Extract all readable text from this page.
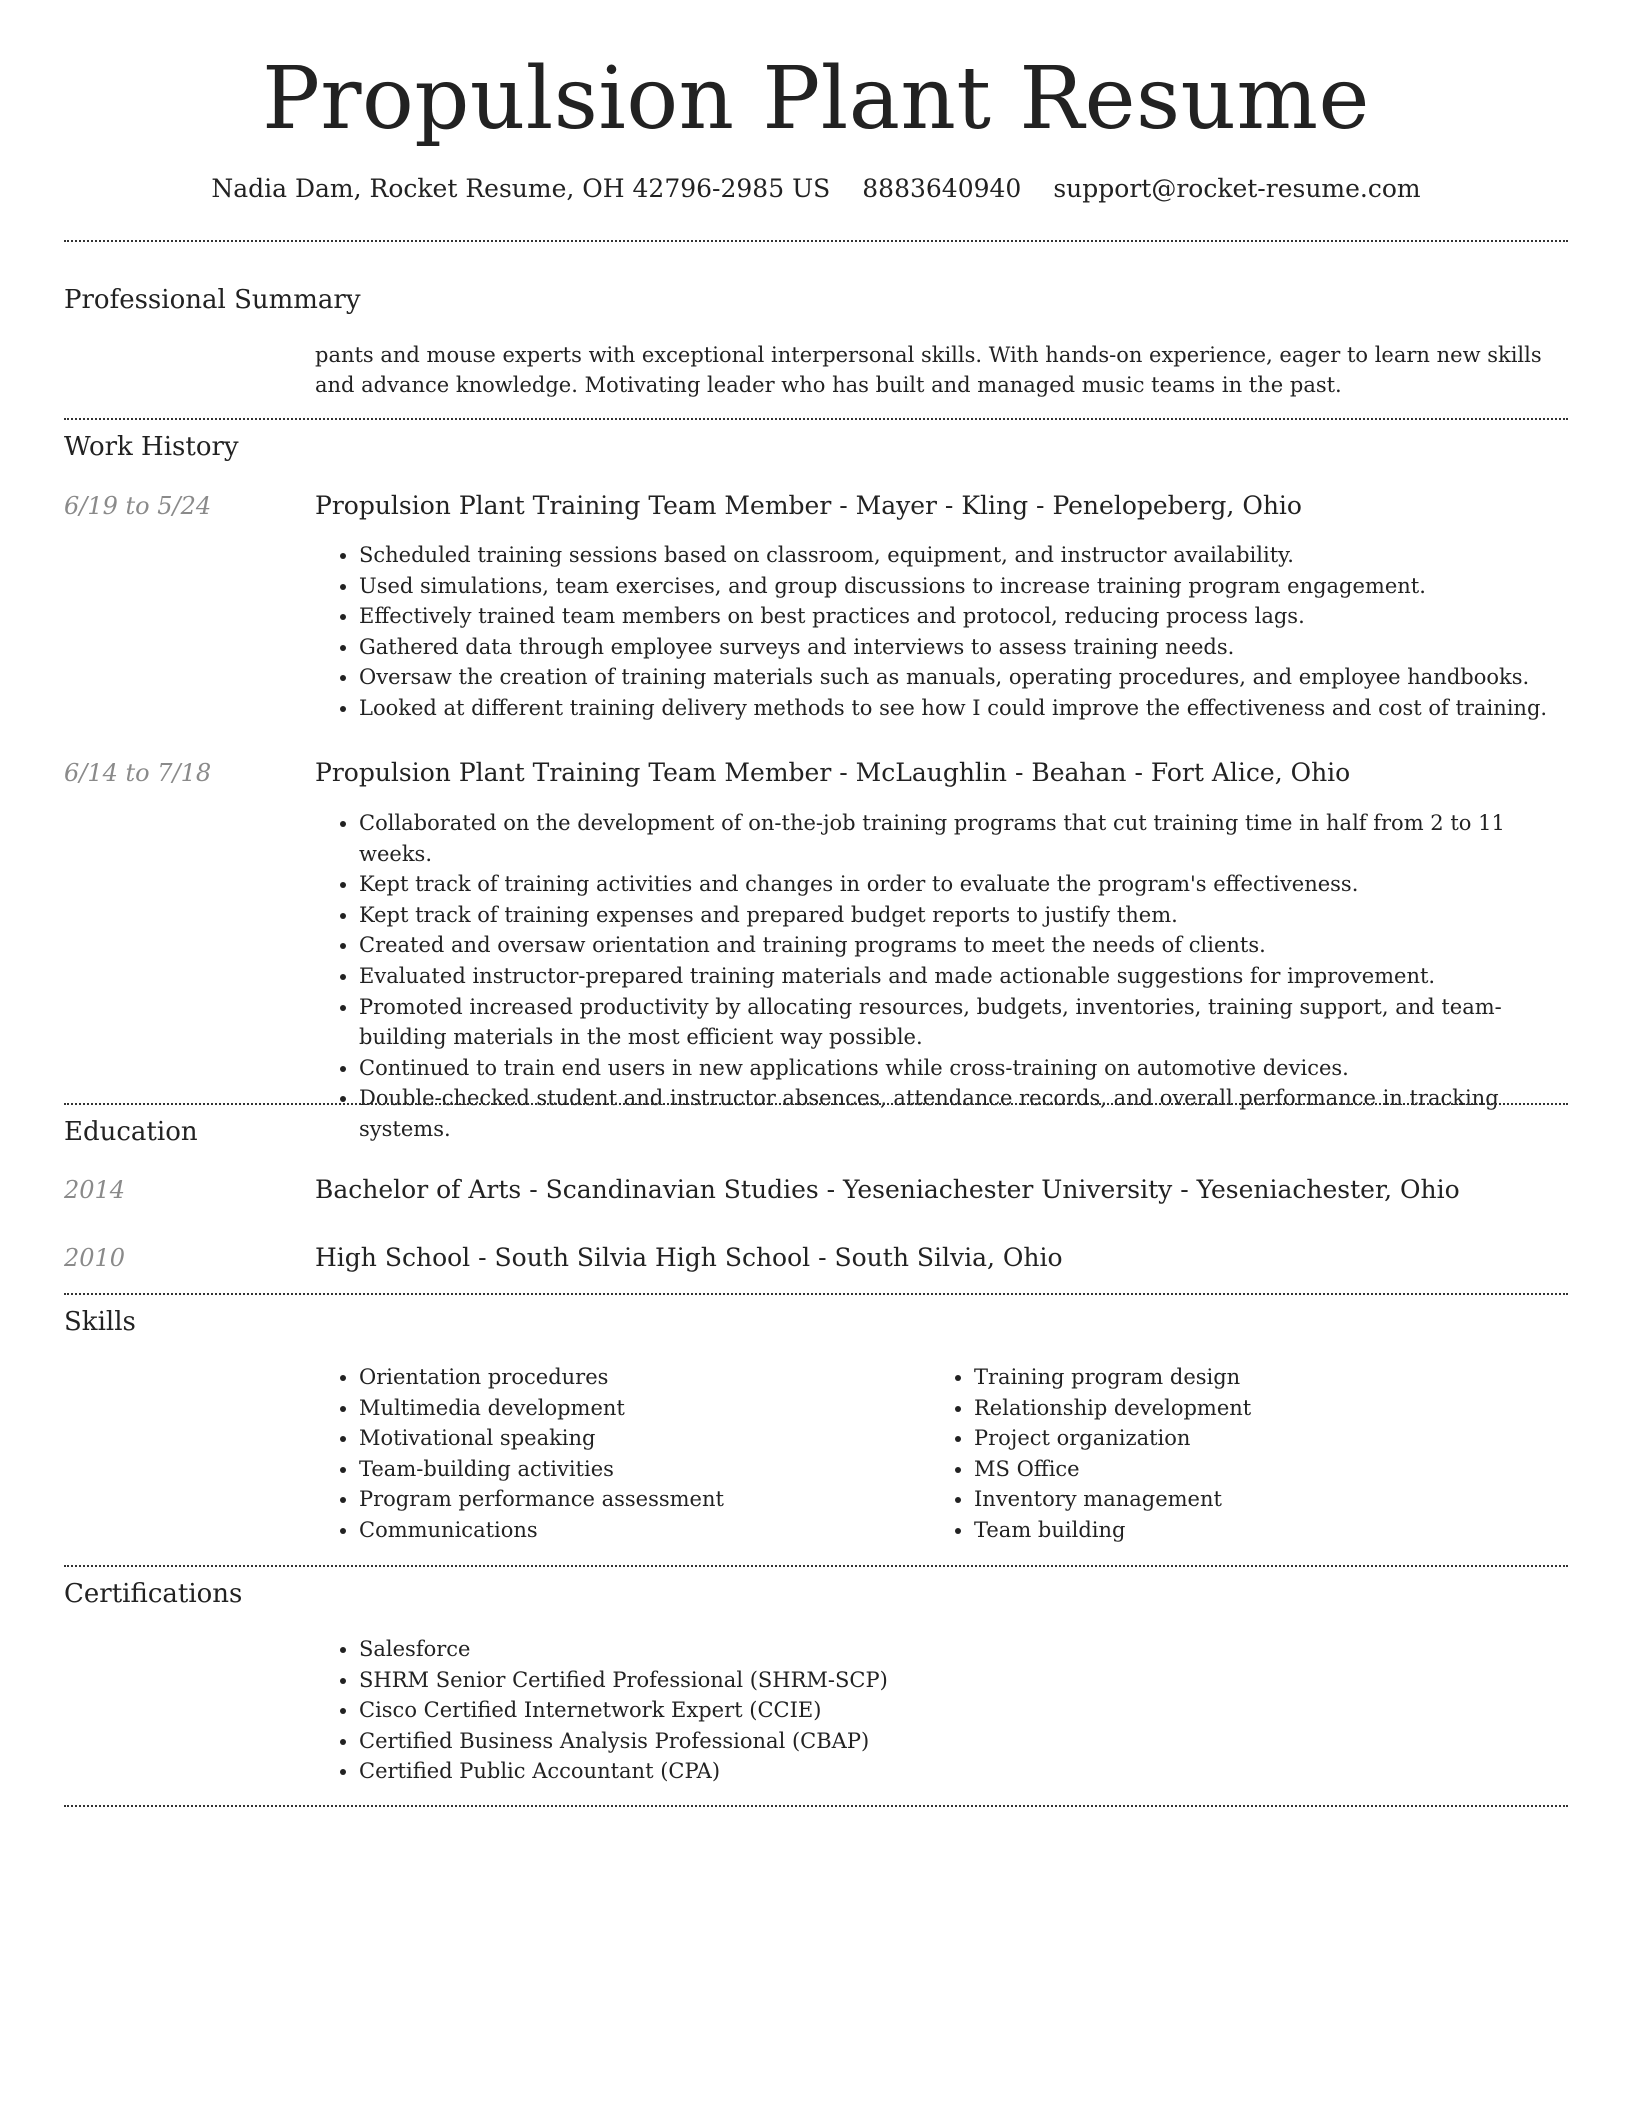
Propulsion Plant Resume
Nadia Dam, Rocket Resume, OH 42796-2985 US 8883640940 support@rocket-resume.com
Professional Summary

pants and mouse experts with exceptional interpersonal skills. With hands-on experience, eager to learn new skills and advance knowledge. Motivating leader who has built and managed music teams in the past.

Work History
6/19 to 5/24	Propulsion Plant Training Team Member - Mayer - Kling - Penelopeberg, Ohio
• Scheduled training sessions based on classroom, equipment, and instructor availability.
• Used simulations, team exercises, and group discussions to increase training program engagement.
• Effectively trained team members on best practices and protocol, reducing process lags.
• Gathered data through employee surveys and interviews to assess training needs.
• Oversaw the creation of training materials such as manuals, operating procedures, and employee handbooks.
• Looked at different training delivery methods to see how I could improve the effectiveness and cost of training.
6/14 to 7/18	Propulsion Plant Training Team Member - McLaughlin - Beahan - Fort Alice, Ohio
• Collaborated on the development of on-the-job training programs that cut training time in half from 2 to 11 weeks.
• Kept track of training activities and changes in order to evaluate the program's effectiveness.
• Kept track of training expenses and prepared budget reports to justify them.
• Created and oversaw orientation and training programs to meet the needs of clients.
• Evaluated instructor-prepared training materials and made actionable suggestions for improvement.
• Promoted increased productivity by allocating resources, budgets, inventories, training support, and team-building materials in the most efficient way possible.
• Continued to train end users in new applications while cross-training on automotive devices.
• Double-checked student and instructor absences, attendance records, and overall performance in tracking systems.
Education
2014	Bachelor of Arts - Scandinavian Studies - Yeseniachester University - Yeseniachester, Ohio
2010	High School - South Silvia High School - South Silvia, Ohio
Skills
• Orientation procedures
• Multimedia development
• Motivational speaking
• Team-building activities
• Program performance assessment
• Communications
• Training program design
• Relationship development
• Project organization
• MS Office
• Inventory management
• Team building
Certifications
• Salesforce
• SHRM Senior Certified Professional (SHRM-SCP)
• Cisco Certified Internetwork Expert (CCIE)
• Certified Business Analysis Professional (CBAP)
• Certified Public Accountant (CPA)
